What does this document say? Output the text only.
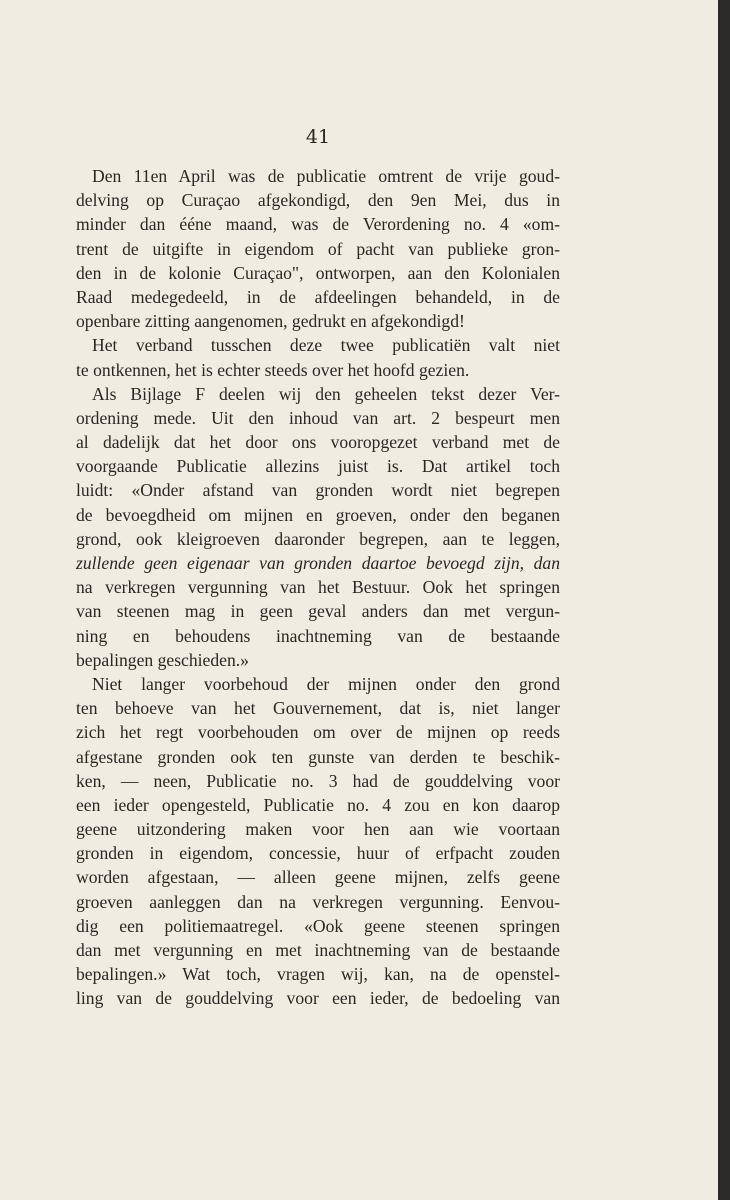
41
Den 11en April was de publicatie omtrent de vrije goud-
delving op Curaçao afgekondigd, den 9en Mei, dus in
minder dan ééne maand, was de Verordening no. 4 «om-
trent de uitgifte in eigendom of pacht van publieke gron-
den in de kolonie Curaçao", ontworpen, aan den Kolonialen
Raad medegedeeld, in de afdeelingen behandeld, in de
openbare zitting aangenomen, gedrukt en afgekondigd!
Het verband tusschen deze twee publicatiën valt niet
te ontkennen, het is echter steeds over het hoofd gezien.
Als Bijlage F deelen wij den geheelen tekst dezer Ver-
ordening mede. Uit den inhoud van art. 2 bespeurt men
al dadelijk dat het door ons vooropgezet verband met de
voorgaande Publicatie allezins juist is. Dat artikel toch
luidt: «Onder afstand van gronden wordt niet begrepen
de bevoegdheid om mijnen en groeven, onder den beganen
grond, ook kleigroeven daaronder begrepen, aan te leggen,
zullende geen eigenaar van gronden daartoe bevoegd zijn, dan
na verkregen vergunning van het Bestuur. Ook het springen
van steenen mag in geen geval anders dan met vergun-
ning en behoudens inachtneming van de bestaande
bepalingen geschieden.»
Niet langer voorbehoud der mijnen onder den grond
ten behoeve van het Gouvernement, dat is, niet langer
zich het regt voorbehouden om over de mijnen op reeds
afgestane gronden ook ten gunste van derden te beschik-
ken, — neen, Publicatie no. 3 had de gouddelving voor
een ieder opengesteld, Publicatie no. 4 zou en kon daarop
geene uitzondering maken voor hen aan wie voortaan
gronden in eigendom, concessie, huur of erfpacht zouden
worden afgestaan, — alleen geene mijnen, zelfs geene
groeven aanleggen dan na verkregen vergunning. Eenvou-
dig een politiemaatregel. «Ook geene steenen springen
dan met vergunning en met inachtneming van de bestaande
bepalingen.» Wat toch, vragen wij, kan, na de openstel-
ling van de gouddelving voor een ieder, de bedoeling van
